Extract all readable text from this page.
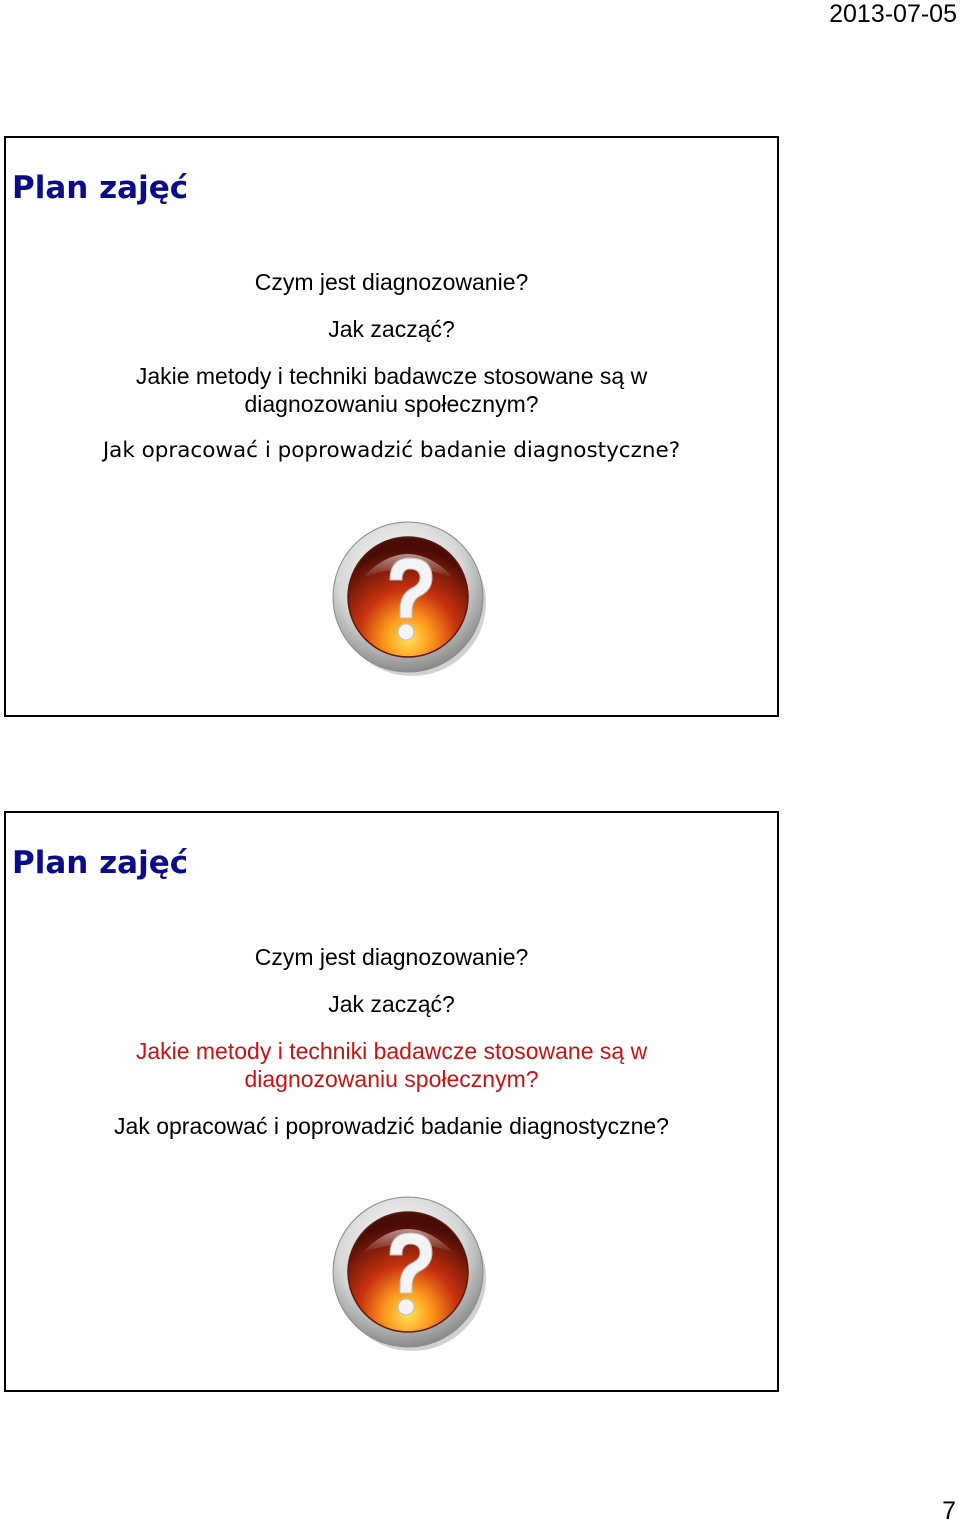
2013-07-05
Plan zajęć
Czym jest diagnozowanie?
Jak zacząć?
Jakie metody i techniki badawcze stosowane są w diagnozowaniu społecznym?
Jak opracować i poprowadzić badanie diagnostyczne?
Plan zajęć
Czym jest diagnozowanie?
Jak zacząć?
Jakie metody i techniki badawcze stosowane są w diagnozowaniu społecznym?
Jak opracować i poprowadzić badanie diagnostyczne?
7
